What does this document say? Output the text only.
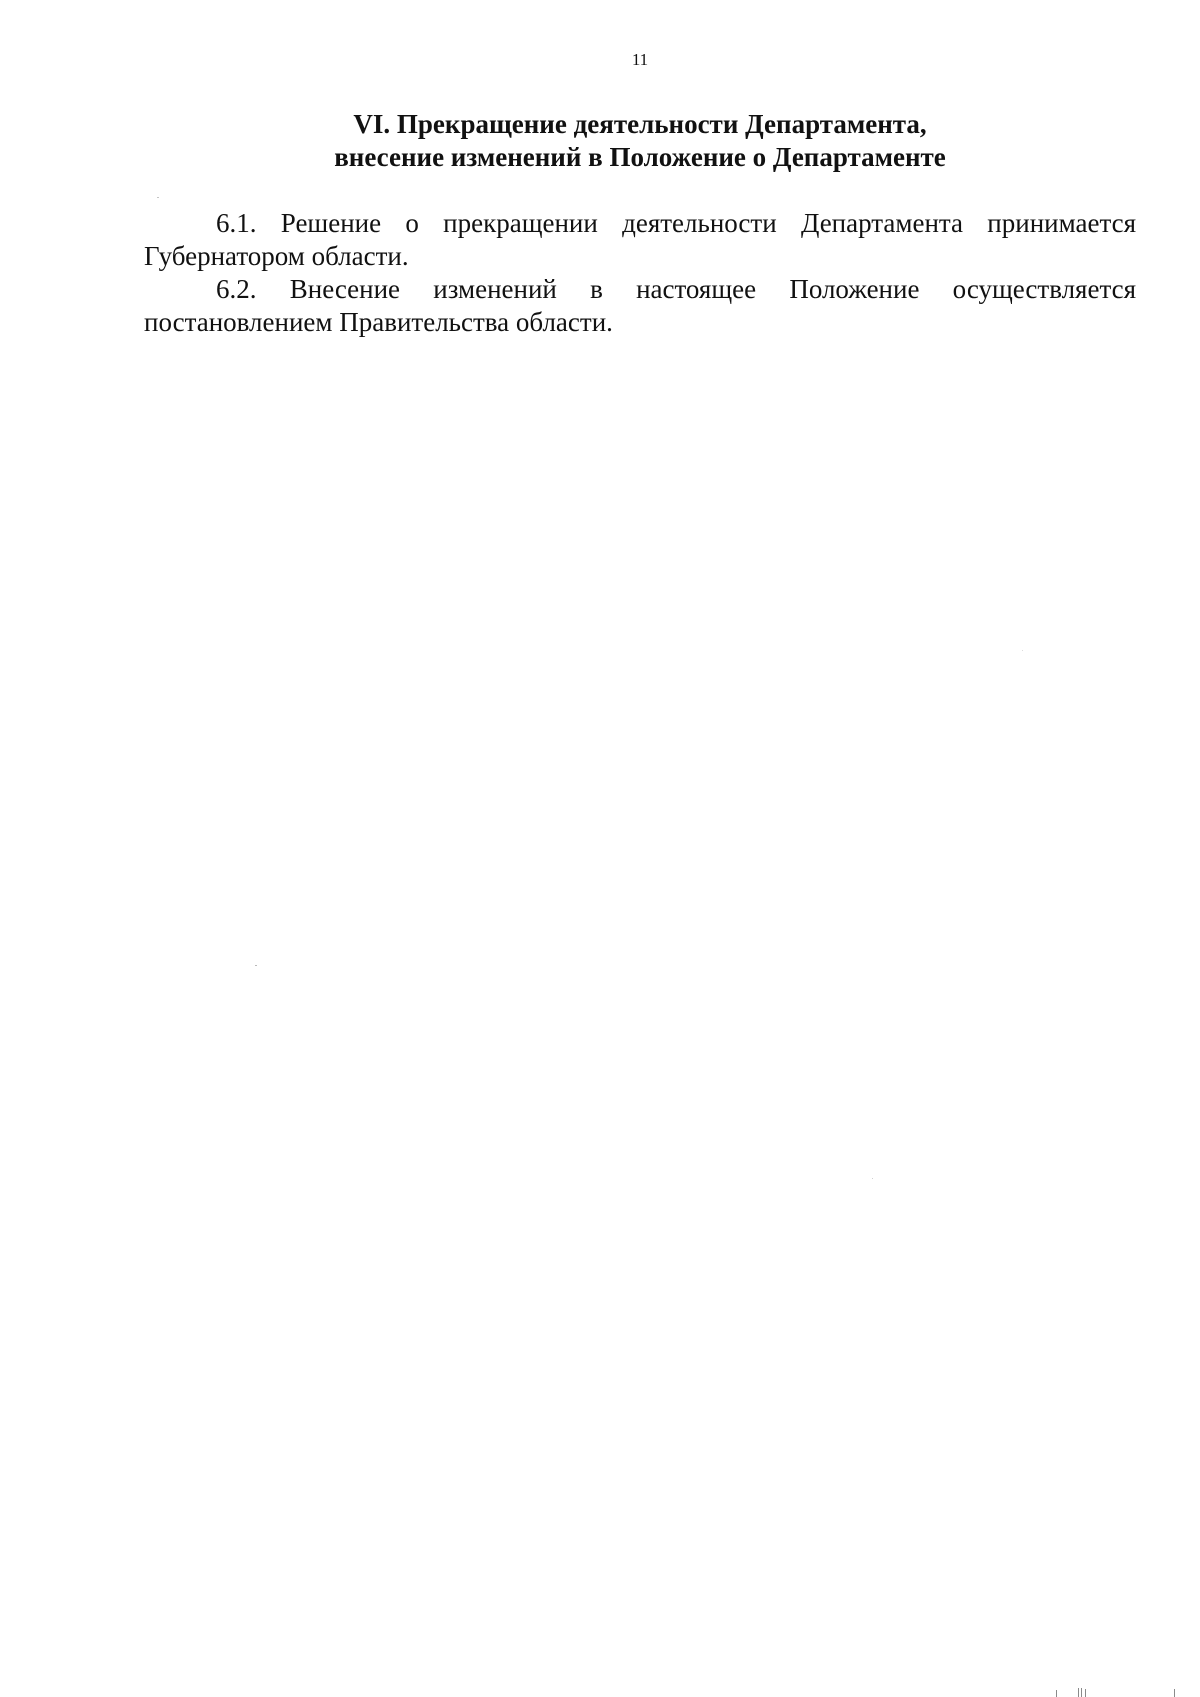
11
VI. Прекращение деятельности Департамента,
внесение изменений в Положение о Департаменте

6.1. Решение о прекращении деятельности Департамента принимается Губернатором области.

6.2. Внесение изменений в настоящее Положение осуществляется постановлением Правительства области.
